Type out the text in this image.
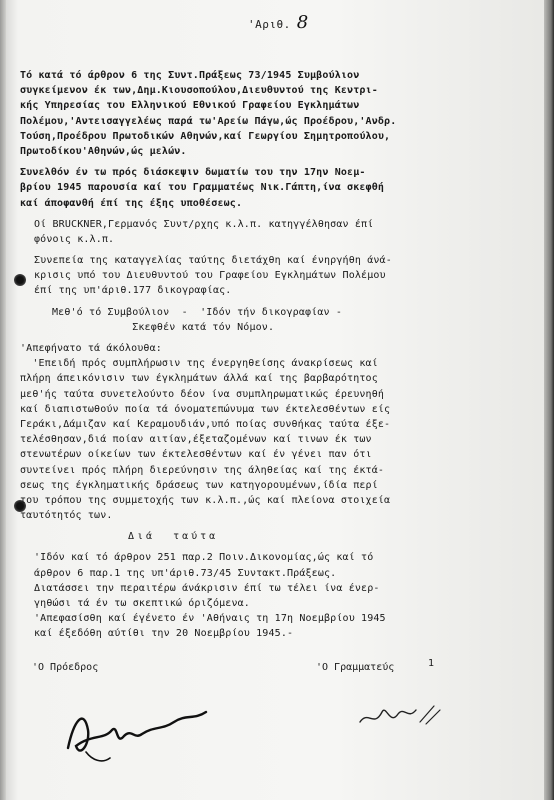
'Αριθ. 8
Τό κατά τό άρθρον 6 της Συντ.Πράξεως 73/1945 Συμβούλιον
συγκείμενον έκ των,Δημ.Κιουσοπούλου,Διευθυντού της Κεντρι-
κής Υπηρεσίας του Ελληνικού Εθνικού Γραφείου Εγκλημάτων
Πολέμου,'Αντεισαγγελέως παρά τω'Αρείω Πάγω,ώς Προέδρου,'Ανδρ.
Τούση,Προέδρου Πρωτοδικών Αθηνών,καί Γεωργίου Σημητροπούλου,
Πρωτοδίκου'Αθηνών,ώς μελών.
Συνελθόν έν τω πρός διάσκεψιν δωματίω του την 17ην Νοεμ-
βρίου 1945 παρουσία καί του Γραμματέως Νικ.Γάπτη,ίνα σκεφθή
καί άποφανθή έπί της έξης υποθέσεως.
Οί BRUCKNER,Γερμανός Συντ/ρχης κ.λ.π. κατηγγέλθησαν έπί
φόνοις κ.λ.π.
Συνεπεία της καταγγελίας ταύτης διετάχθη καί ένηργήθη άνά-
κρισις υπό του Διευθυντού του Γραφείου Εγκλημάτων Πολέμου
έπί της υπ'άριθ.177 δικογραφίας.
Μεθ'ό τό Συμβούλιον  -  'Ιδόν τήν δικογραφίαν -
Σκεφθέν κατά τόν Νόμον.
'Απεφήνατο τά άκόλουθα:
'Επειδή πρός συμπλήρωσιν της ένεργηθείσης άνακρίσεως καί
πλήρη άπεικόνισιν των έγκλημάτων άλλά καί της βαρβαρότητος
μεθ'ής ταύτα συνετελούντο δέον ίνα συμπληρωματικώς έρευνηθή
καί διαπιστωθούν ποία τά όνοματεπώνυμα των έκτελεσθέντων είς
Γεράκι,Δάμιζαν καί Κεραμουδιάν,υπό ποίας συνθήκας ταύτα έξε-
τελέσθησαν,διά ποίαν αιτίαν,έξεταζομένων καί τινων έκ των
στενωτέρων οίκείων των έκτελεσθέντων καί έν γένει παν ότι
συντείνει πρός πλήρη διερεύνησιν της άληθείας καί της έκτά-
σεως της έγκληματικής δράσεως των κατηγορουμένων,ίδία περί
του τρόπου της συμμετοχής των κ.λ.π.,ώς καί πλείονα στοιχεία
ταυτότητός των.
Διά  ταύτα
'Ιδόν καί τό άρθρον 251 παρ.2 Ποιν.Δικονομίας,ώς καί τό
άρθρον 6 παρ.1 της υπ'άριθ.73/45 Συντακτ.Πράξεως.
Διατάσσει την περαιτέρω άνάκρισιν έπί τω τέλει ίνα ένερ-
γηθώσι τά έν τω σκεπτικώ όριζόμενα.
'Απεφασίσθη καί έγένετο έν 'Αθήναις τη 17η Νοεμβρίου 1945
καί έξεδόθη αύτίθι την 20 Νοεμβρίου 1945.-
'Ο Πρόεδρος	'Ο Γραμματεύς	1
